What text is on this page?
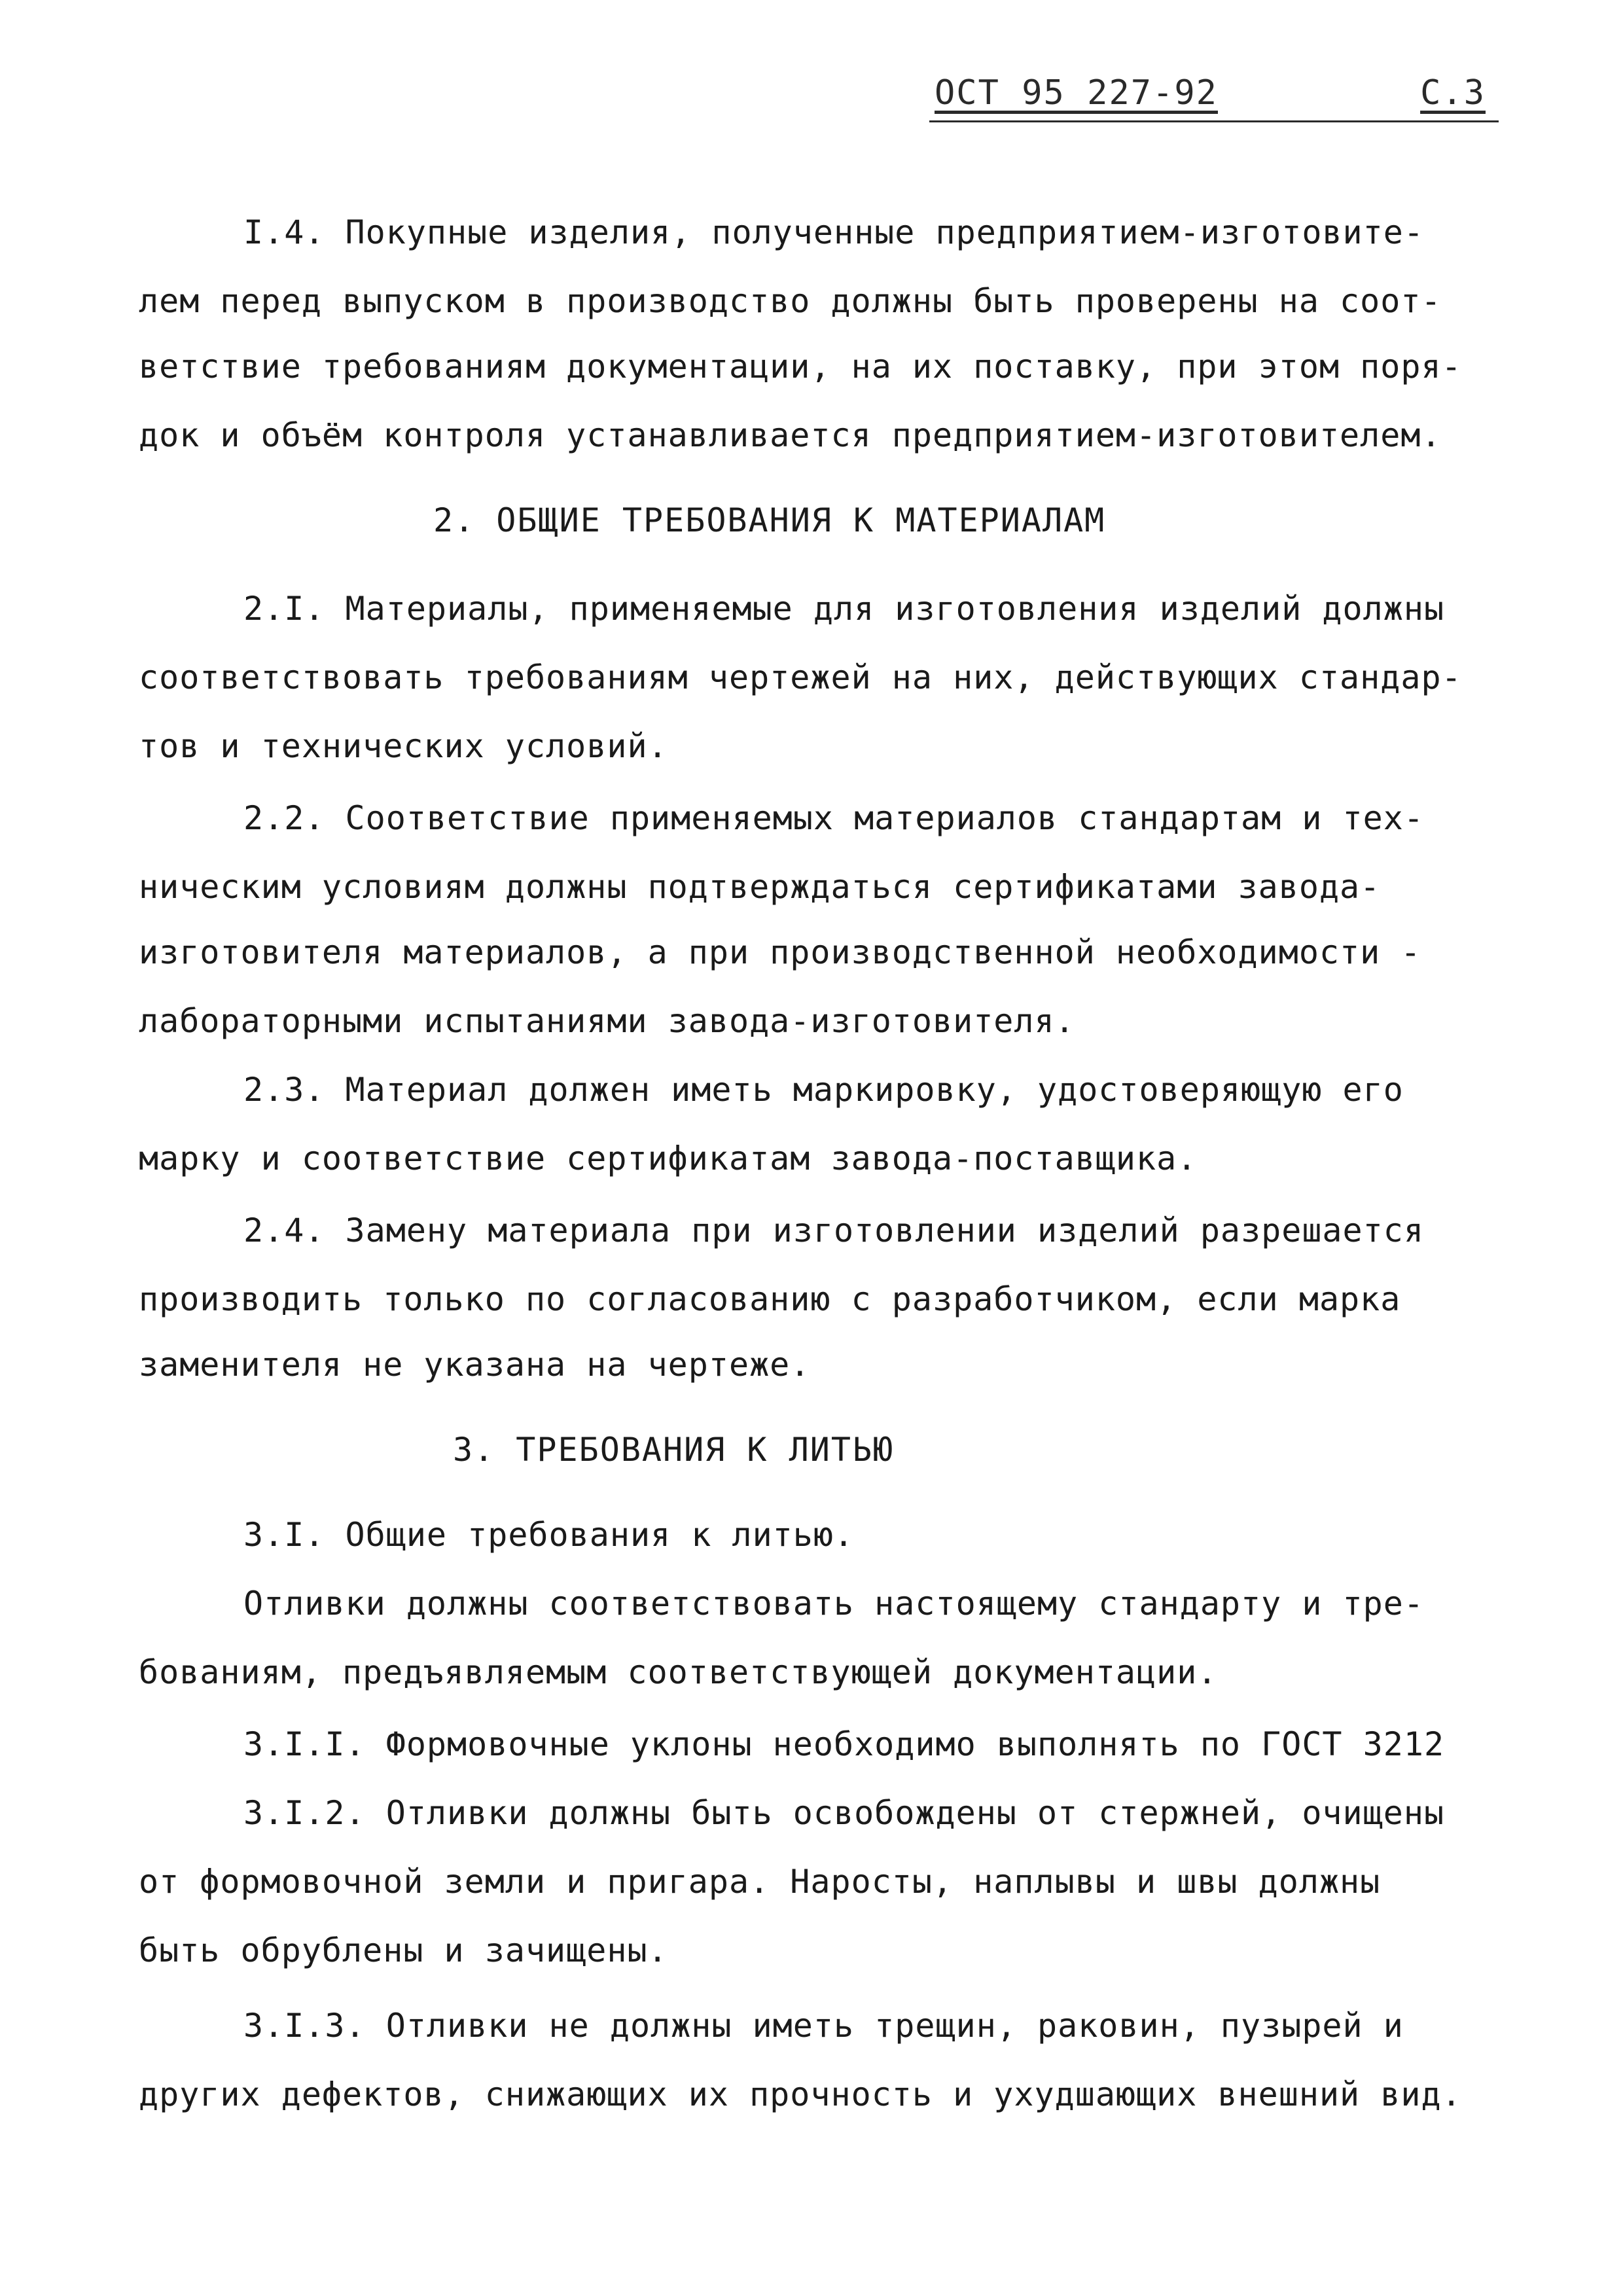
ОСТ 95 227-92	С.3
I.4. Покупные изделия, полученные предприятием-изготовите-
лем перед выпуском в производство должны быть проверены на соот-
ветствие требованиям документации, на их поставку, при этом поря-
док и объём контроля устанавливается предприятием-изготовителем.
2. ОБЩИЕ ТРЕБОВАНИЯ К МАТЕРИАЛАМ
2.I. Материалы, применяемые для изготовления изделий должны
соответствовать требованиям чертежей на них, действующих стандар-
тов и технических условий.
2.2. Соответствие применяемых материалов стандартам и тех-
ническим условиям должны подтверждаться сертификатами завода-
изготовителя материалов, а при производственной необходимости -
лабораторными испытаниями завода-изготовителя.
2.3. Материал должен иметь маркировку, удостоверяющую его
марку и соответствие сертификатам завода-поставщика.
2.4. Замену материала при изготовлении изделий разрешается
производить только по согласованию с разработчиком, если марка
заменителя не указана на чертеже.
3. ТРЕБОВАНИЯ К ЛИТЬЮ
3.I. Общие требования к литью.
Отливки должны соответствовать настоящему стандарту и тре-
бованиям, предъявляемым соответствующей документации.
3.I.I. Формовочные уклоны необходимо выполнять по ГОСТ 3212
3.I.2. Отливки должны быть освобождены от стержней, очищены
от формовочной земли и пригара. Наросты, наплывы и швы должны
быть обрублены и зачищены.
3.I.3. Отливки не должны иметь трещин, раковин, пузырей и
других дефектов, снижающих их прочность и ухудшающих внешний вид.
